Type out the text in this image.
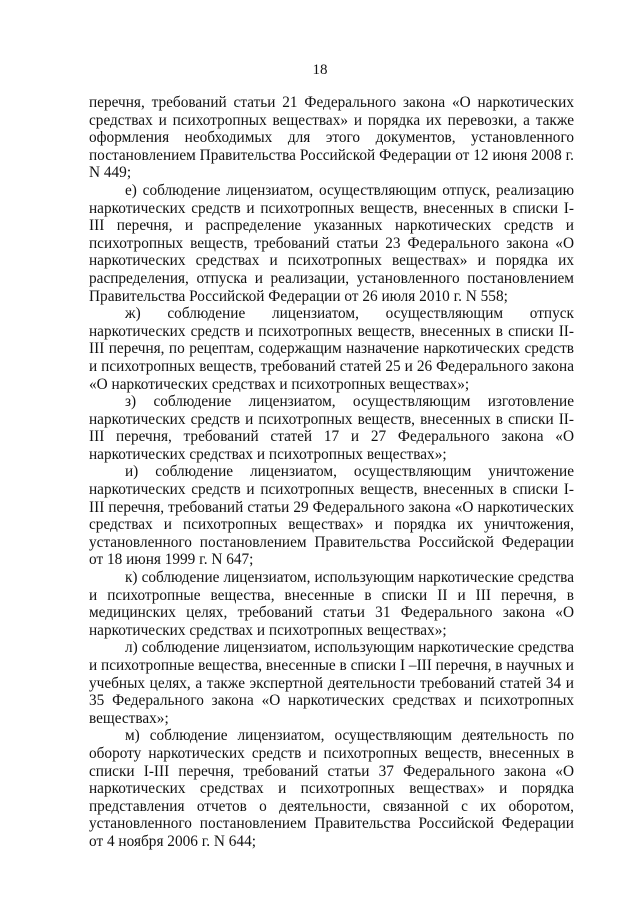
18

перечня, требований статьи 21 Федерального закона «О наркотических средствах и психотропных веществах» и порядка их перевозки, а также оформления необходимых для этого документов, установленного постановлением Правительства Российской Федерации от 12 июня 2008 г. N 449;

е) соблюдение лицензиатом, осуществляющим отпуск, реализацию наркотических средств и психотропных веществ, внесенных в списки I-III перечня, и распределение указанных наркотических средств и психотропных веществ, требований статьи 23 Федерального закона «О наркотических средствах и психотропных веществах» и порядка их распределения, отпуска и реализации, установленного постановлением Правительства Российской Федерации от 26 июля 2010 г. N 558;

ж) соблюдение лицензиатом, осуществляющим отпуск наркотических средств и психотропных веществ, внесенных в списки II-III перечня, по рецептам, содержащим назначение наркотических средств и психотропных веществ, требований статей 25 и 26 Федерального закона «О наркотических средствах и психотропных веществах»;

з) соблюдение лицензиатом, осуществляющим изготовление наркотических средств и психотропных веществ, внесенных в списки II-III перечня, требований статей 17 и 27 Федерального закона «О наркотических средствах и психотропных веществах»;

и) соблюдение лицензиатом, осуществляющим уничтожение наркотических средств и психотропных веществ, внесенных в списки I-III перечня, требований статьи 29 Федерального закона «О наркотических средствах и психотропных веществах» и порядка их уничтожения, установленного постановлением Правительства Российской Федерации от 18 июня 1999 г. N 647;

к) соблюдение лицензиатом, использующим наркотические средства и психотропные вещества, внесенные в списки II и III перечня, в медицинских целях, требований статьи 31 Федерального закона «О наркотических средствах и психотропных веществах»;

л) соблюдение лицензиатом, использующим наркотические средства и психотропные вещества, внесенные в списки I –III перечня, в научных и учебных целях, а также экспертной деятельности требований статей 34 и 35 Федерального закона «О наркотических средствах и психотропных веществах»;

м) соблюдение лицензиатом, осуществляющим деятельность по обороту наркотических средств и психотропных веществ, внесенных в списки I-III перечня, требований статьи 37 Федерального закона «О наркотических средствах и психотропных веществах» и порядка представления отчетов о деятельности, связанной с их оборотом, установленного постановлением Правительства Российской Федерации от 4 ноября 2006 г. N 644;
